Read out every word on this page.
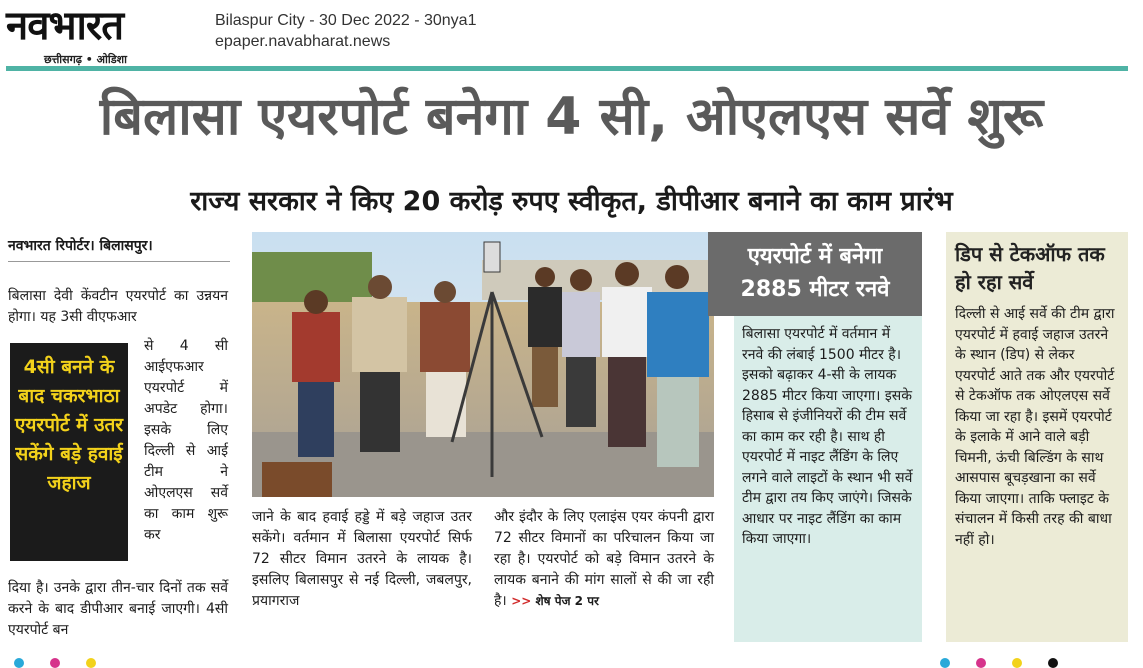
नवभारत
छत्तीसगढ़ • ओडिशा
Bilaspur City - 30 Dec 2022 - 30nya1
epaper.navabharat.news
बिलासा एयरपोर्ट बनेगा 4 सी, ओएलएस सर्वे शुरू
राज्य सरकार ने किए 20 करोड़ रुपए स्वीकृत, डीपीआर बनाने का काम प्रारंभ
नवभारत रिपोर्टर। बिलासपुर।
बिलासा देवी केंवटीन एयरपोर्ट का उन्नयन होगा। यह 3सी वीएफआर
4सी बनने के बाद चकरभाठा एयरपोर्ट में उतर सकेंगे बड़े हवाई जहाज
से 4 सी आईएफआर एयरपोर्ट में अपडेट होगा। इसके लिए दिल्ली से आई टीम ने ओएलएस सर्वे का काम शुरू कर
दिया है। उनके द्वारा तीन-चार दिनों तक सर्वे करने के बाद डीपीआर बनाई जाएगी। 4सी एयरपोर्ट बन
जाने के बाद हवाई हड्डे में बड़े जहाज उतर सकेंगे। वर्तमान में बिलासा एयरपोर्ट सिर्फ 72 सीटर विमान उतरने के लायक है। इसलिए बिलासपुर से नई दिल्ली, जबलपुर, प्रयागराज
और इंदौर के लिए एलाइंस एयर कंपनी द्वारा 72 सीटर विमानों का परिचालन किया जा रहा है। एयरपोर्ट को बड़े विमान उतरने के लायक बनाने की मांग सालों से की जा रही है। >> शेष पेज 2 पर
एयरपोर्ट में बनेगा
2885 मीटर रनवे
बिलासा एयरपोर्ट में वर्तमान में रनवे की लंबाई 1500 मीटर है। इसको बढ़ाकर 4-सी के लायक 2885 मीटर किया जाएगा। इसके हिसाब से इंजीनियरों की टीम सर्वे का काम कर रही है। साथ ही एयरपोर्ट में नाइट लैंडिंग के लिए लगने वाले लाइटों के स्थान भी सर्वे टीम द्वारा तय किए जाएंगे। जिसके आधार पर नाइट लैंडिंग का काम किया जाएगा।
डिप से टेकऑफ तक हो रहा सर्वे
दिल्ली से आई सर्वे की टीम द्वारा एयरपोर्ट में हवाई जहाज उतरने के स्थान (डिप) से लेकर एयरपोर्ट आते तक और एयरपोर्ट से टेकऑफ तक ओएलएस सर्वे किया जा रहा है। इसमें एयरपोर्ट के इलाके में आने वाले बड़ी चिमनी, ऊंची बिल्डिंग के साथ आसपास बूचड़खाना का सर्वे किया जाएगा। ताकि फ्लाइट के संचालन में किसी तरह की बाधा नहीं हो।
